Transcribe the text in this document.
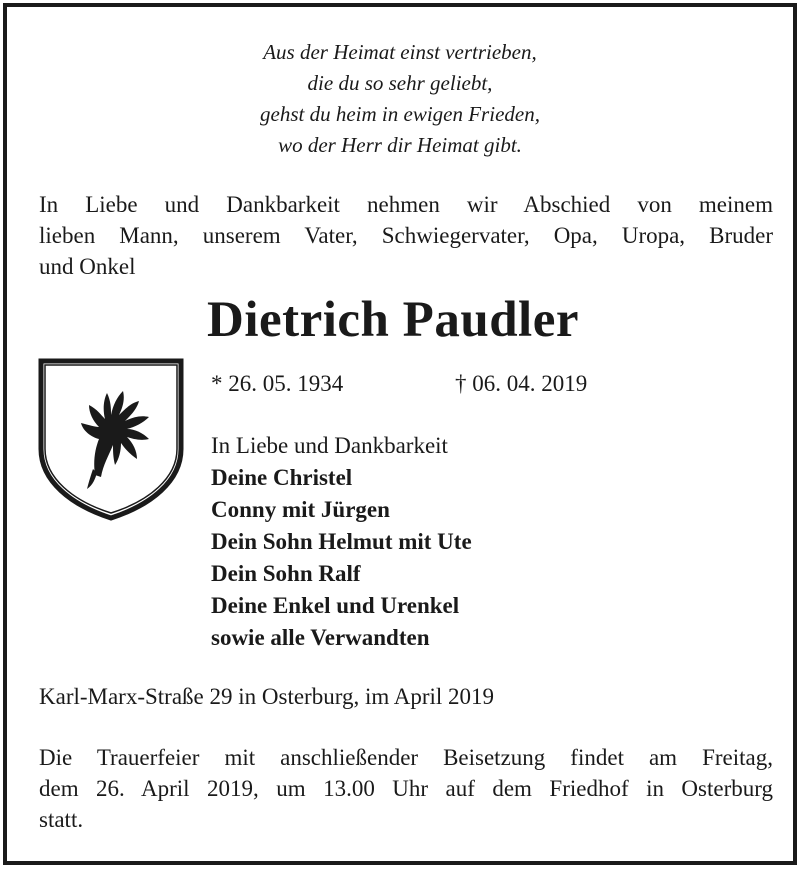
Aus der Heimat einst vertrieben,
die du so sehr geliebt,
gehst du heim in ewigen Frieden,
wo der Herr dir Heimat gibt.
In Liebe und Dankbarkeit nehmen wir Abschied von meinem
lieben Mann, unserem Vater, Schwiegervater, Opa, Uropa, Bruder
und Onkel
Dietrich Paudler
* 26. 05. 1934	† 06. 04. 2019
In Liebe und Dankbarkeit
Deine Christel
Conny mit Jürgen
Dein Sohn Helmut mit Ute
Dein Sohn Ralf
Deine Enkel und Urenkel
sowie alle Verwandten
Karl-Marx-Straße 29 in Osterburg, im April 2019
Die Trauerfeier mit anschließender Beisetzung findet am Freitag,
dem 26. April 2019, um 13.00 Uhr auf dem Friedhof in Osterburg
statt.
